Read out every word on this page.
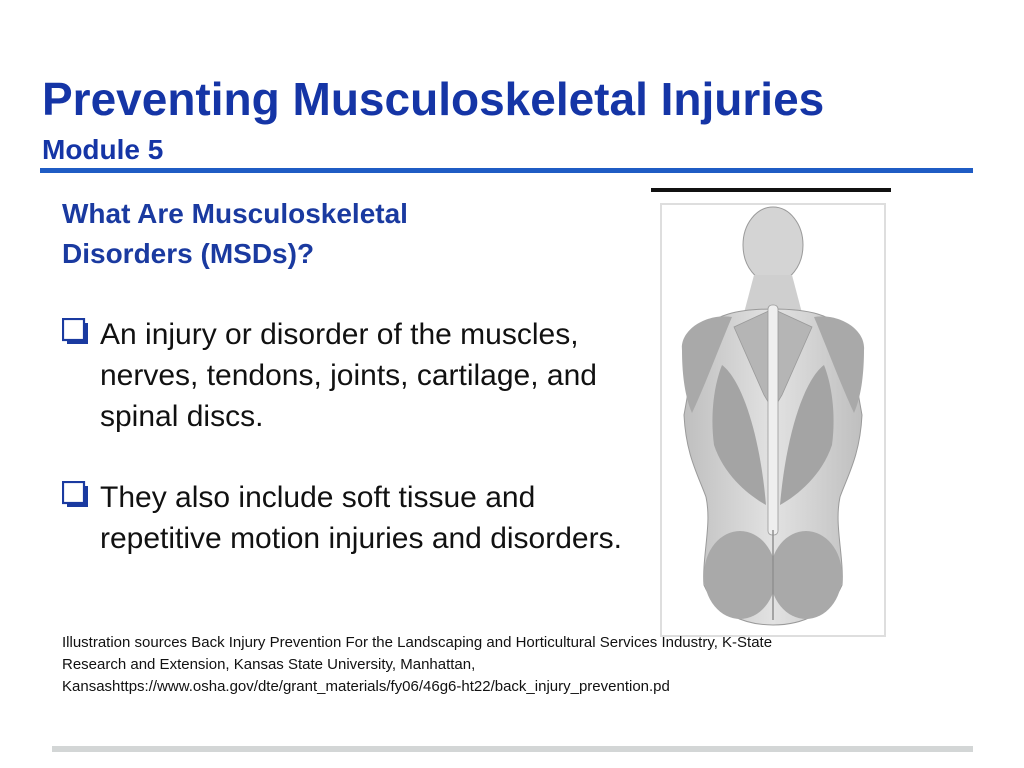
Preventing Musculoskeletal Injuries
Module 5
What Are Musculoskeletal Disorders (MSDs)?
An injury or disorder of the muscles, nerves, tendons, joints, cartilage, and spinal discs.
They also include soft tissue and repetitive motion injuries and disorders.

Illustration sources Back Injury Prevention For the Landscaping and Horticultural Services Industry, K-State
Research and Extension, Kansas State University, Manhattan,
Kansashttps://www.osha.gov/dte/grant_materials/fy06/46g6-ht22/back_injury_prevention.pd
